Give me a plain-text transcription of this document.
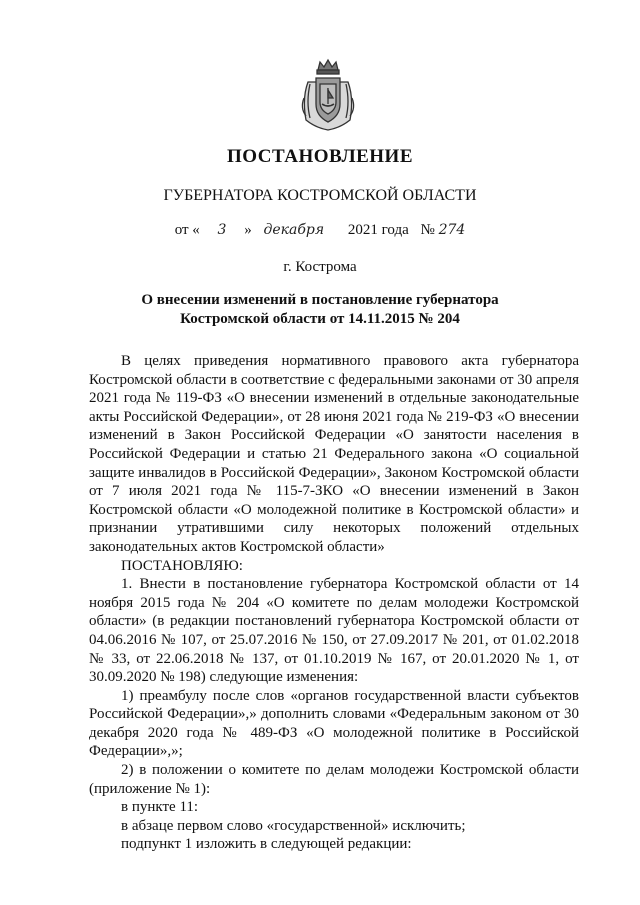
ПОСТАНОВЛЕНИЕ
ГУБЕРНАТОРА КОСТРОМСКОЙ ОБЛАСТИ
от « 3 » декабря 2021 года № 274
г. Кострома
О внесении изменений в постановление губернатора
Костромской области от 14.11.2015 № 204

В целях приведения нормативного правового акта губернатора Костромской области в соответствие с федеральными законами от 30 апреля 2021 года № 119-ФЗ «О внесении изменений в отдельные законодательные акты Российской Федерации», от 28 июня 2021 года № 219-ФЗ «О внесении изменений в Закон Российской Федерации «О занятости населения в Российской Федерации и статью 21 Федерального закона «О социальной защите инвалидов в Российской Федерации», Законом Костромской области от 7 июля 2021 года № 115-7-ЗКО «О внесении изменений в Закон Костромской области «О молодежной политике в Костромской области» и признании утратившими силу некоторых положений отдельных законодательных актов Костромской области»

ПОСТАНОВЛЯЮ:

1. Внести в постановление губернатора Костромской области от 14 ноября 2015 года № 204 «О комитете по делам молодежи Костромской области» (в редакции постановлений губернатора Костромской области от 04.06.2016 № 107, от 25.07.2016 № 150, от 27.09.2017 № 201, от 01.02.2018 № 33, от 22.06.2018 № 137, от 01.10.2019 № 167, от 20.01.2020 № 1, от 30.09.2020 № 198) следующие изменения:

1) преамбулу после слов «органов государственной власти субъектов Российской Федерации»,» дополнить словами «Федеральным законом от 30 декабря 2020 года № 489-ФЗ «О молодежной политике в Российской Федерации»,»;

2) в положении о комитете по делам молодежи Костромской области (приложение № 1):

в пункте 11:

в абзаце первом слово «государственной» исключить;

подпункт 1 изложить в следующей редакции:
